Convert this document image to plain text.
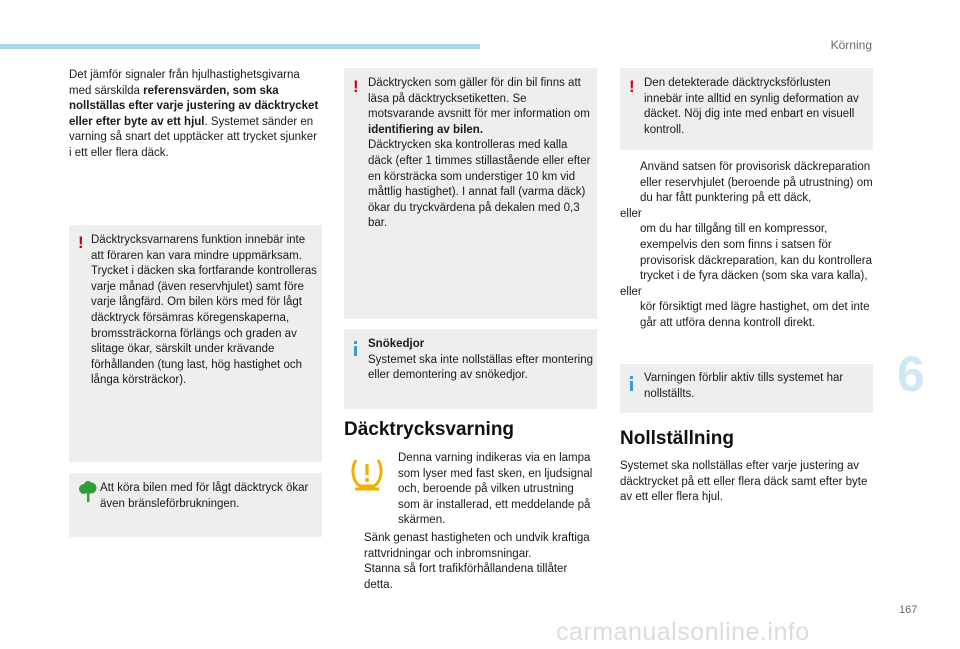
Körning
6
167
carmanualsonline.info
Det jämför signaler från hjulhastighetsgivarna med särskilda referensvärden, som ska nollställas efter varje justering av däcktrycket eller efter byte av ett hjul. Systemet sänder en varning så snart det upptäcker att trycket sjunker i ett eller flera däck.
! Däcktrycksvarnarens funktion innebär inte att föraren kan vara mindre uppmärksam. Trycket i däcken ska fortfarande kontrolleras varje månad (även reservhjulet) samt före varje långfärd. Om bilen körs med för lågt däcktryck försämras köregenskaperna, bromssträckorna förlängs och graden av slitage ökar, särskilt under krävande förhållanden (tung last, hög hastighet och långa körsträckor).
Att köra bilen med för lågt däcktryck ökar även bränsleförbrukningen.
! Däcktrycken som gäller för din bil finns att läsa på däcktrycksetiketten. Se motsvarande avsnitt för mer information om identifiering av bilen.
Däcktrycken ska kontrolleras med kalla däck (efter 1 timmes stillastående eller efter en körsträcka som understiger 10 km vid måttlig hastighet). I annat fall (varma däck) ökar du tryckvärdena på dekalen med 0,3 bar.
Snökedjor
Systemet ska inte nollställas efter montering eller demontering av snökedjor.
Däcktrycksvarning
Denna varning indikeras via en lampa som lyser med fast sken, en ljudsignal och, beroende på vilken utrustning som är installerad, ett meddelande på skärmen.
Sänk genast hastigheten och undvik kraftiga rattvridningar och inbromsningar.
Stanna så fort trafikförhållandena tillåter detta.
! Den detekterade däcktrycksförlusten innebär inte alltid en synlig deformation av däcket. Nöj dig inte med enbart en visuell kontroll.
Använd satsen för provisorisk däckreparation eller reservhjulet (beroende på utrustning) om du har fått punktering på ett däck,
eller
om du har tillgång till en kompressor, exempelvis den som finns i satsen för provisorisk däckreparation, kan du kontrollera trycket i de fyra däcken (som ska vara kalla),
eller
kör försiktigt med lägre hastighet, om det inte går att utföra denna kontroll direkt.
Varningen förblir aktiv tills systemet har nollställts.
Nollställning
Systemet ska nollställas efter varje justering av däcktrycket på ett eller flera däck samt efter byte av ett eller flera hjul.
